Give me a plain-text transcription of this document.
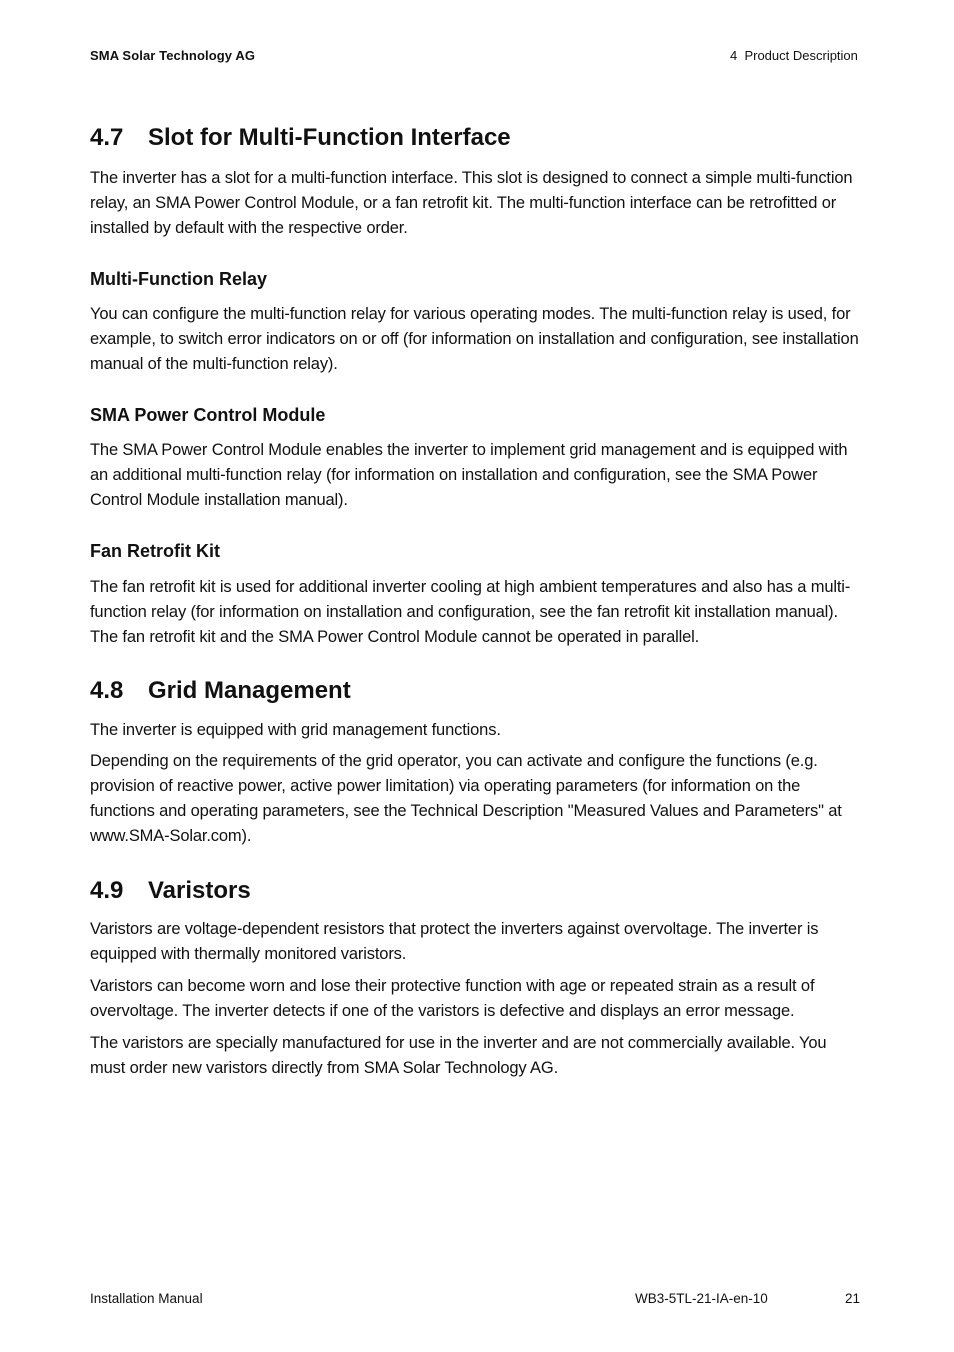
SMA Solar Technology AG	4  Product Description
4.7 Slot for Multi-Function Interface
The inverter has a slot for a multi-function interface. This slot is designed to connect a simple multi-function relay, an SMA Power Control Module, or a fan retrofit kit. The multi-function interface can be retrofitted or installed by default with the respective order.
Multi-Function Relay
You can configure the multi-function relay for various operating modes. The multi-function relay is used, for example, to switch error indicators on or off (for information on installation and configuration, see installation manual of the multi-function relay).
SMA Power Control Module
The SMA Power Control Module enables the inverter to implement grid management and is equipped with an additional multi-function relay (for information on installation and configuration, see the SMA Power Control Module installation manual).
Fan Retrofit Kit
The fan retrofit kit is used for additional inverter cooling at high ambient temperatures and also has a multi-function relay (for information on installation and configuration, see the fan retrofit kit installation manual). The fan retrofit kit and the SMA Power Control Module cannot be operated in parallel.
4.8 Grid Management
The inverter is equipped with grid management functions.
Depending on the requirements of the grid operator, you can activate and configure the functions (e.g. provision of reactive power, active power limitation) via operating parameters (for information on the functions and operating parameters, see the Technical Description "Measured Values and Parameters" at www.SMA-Solar.com).
4.9 Varistors
Varistors are voltage-dependent resistors that protect the inverters against overvoltage. The inverter is equipped with thermally monitored varistors.
Varistors can become worn and lose their protective function with age or repeated strain as a result of overvoltage. The inverter detects if one of the varistors is defective and displays an error message.
The varistors are specially manufactured for use in the inverter and are not commercially available. You must order new varistors directly from SMA Solar Technology AG.
Installation Manual	WB3-5TL-21-IA-en-10	21
